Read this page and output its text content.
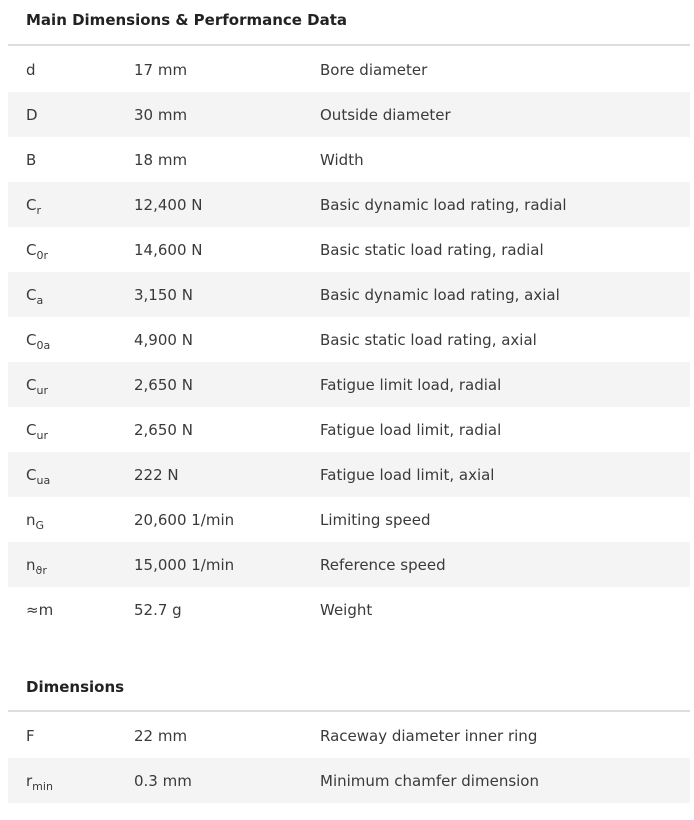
Main Dimensions & Performance Data
d	17 mm	Bore diameter
D	30 mm	Outside diameter
B	18 mm	Width
$C_r$	12,400 N	Basic dynamic load rating, radial
$C_{0r}$	14,600 N	Basic static load rating, radial
$C_a$	3,150 N	Basic dynamic load rating, axial
$C_{0a}$	4,900 N	Basic static load rating, axial
$C_{ur}$	2,650 N	Fatigue limit load, radial
$C_{ur}$	2,650 N	Fatigue load limit, radial
$C_{ua}$	222 N	Fatigue load limit, axial
$n_G$	20,600 1/min	Limiting speed
$n_{ϑr}$	15,000 1/min	Reference speed
≈m	52.7 g	Weight
Dimensions
F	22 mm	Raceway diameter inner ring
$r_{min}$	0.3 mm	Minimum chamfer dimension
